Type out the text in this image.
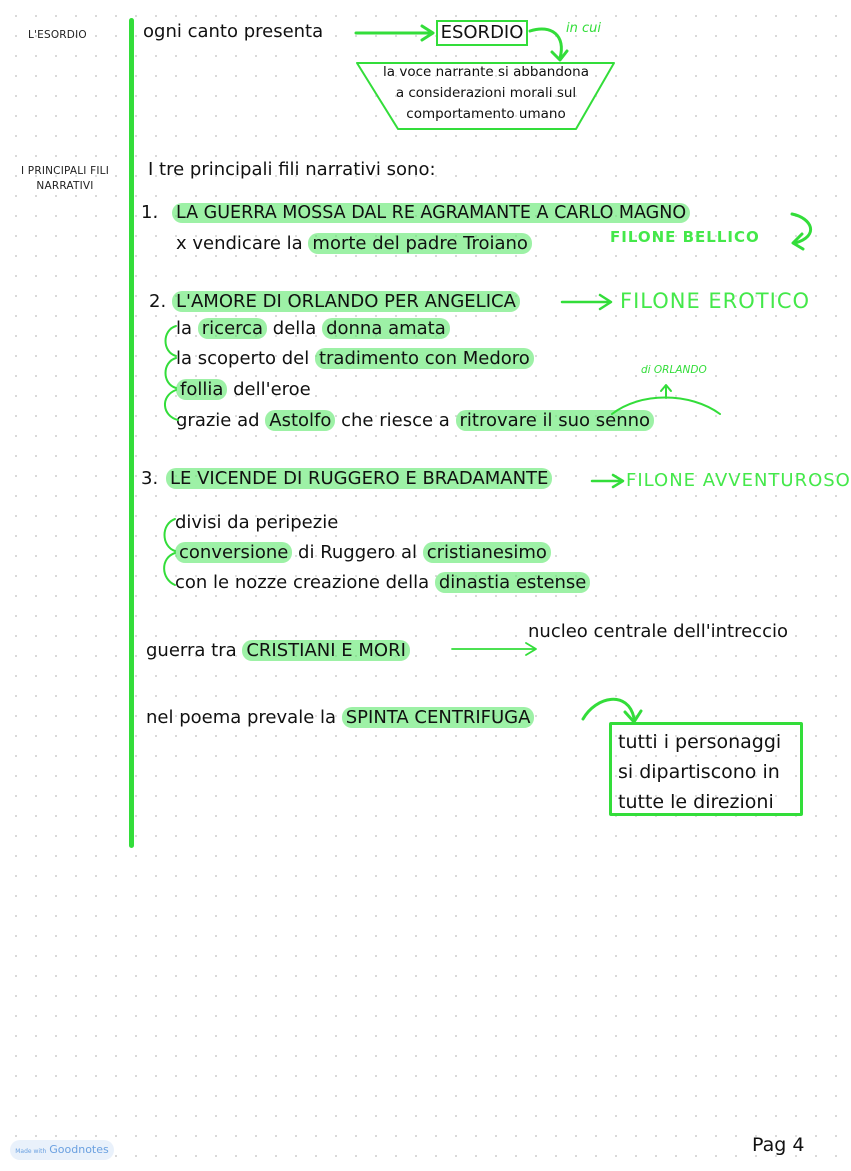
L'ESORDIO
I PRINCIPALI FILI
NARRATIVI
ogni canto presenta	ESORDIO	in cui
la voce narrante si abbandona
a considerazioni morali sul
comportamento umano
I tre principali fili narrativi sono:
1. LA GUERRA MOSSA DAL RE AGRAMANTE A CARLO MAGNO
x vendicare la morte del padre Troiano	FILONE BELLICO
2. L'AMORE DI ORLANDO PER ANGELICA	FILONE EROTICO
la ricerca della donna amata
la scoperto del tradimento con Medoro
follia dell'eroe
grazie ad Astolfo che riesce a ritrovare il suo senno
di ORLANDO
3. LE VICENDE DI RUGGERO E BRADAMANTE	FILONE AVVENTUROSO
divisi da peripezie
conversione di Ruggero al cristianesimo
con le nozze creazione della dinastia estense
guerra tra CRISTIANI E MORI
nucleo centrale dell'intreccio
nel poema prevale la SPINTA CENTRIFUGA
tutti i personaggi
si dipartiscono in
tutte le direzioni
Made with Goodnotes	Pag 4
